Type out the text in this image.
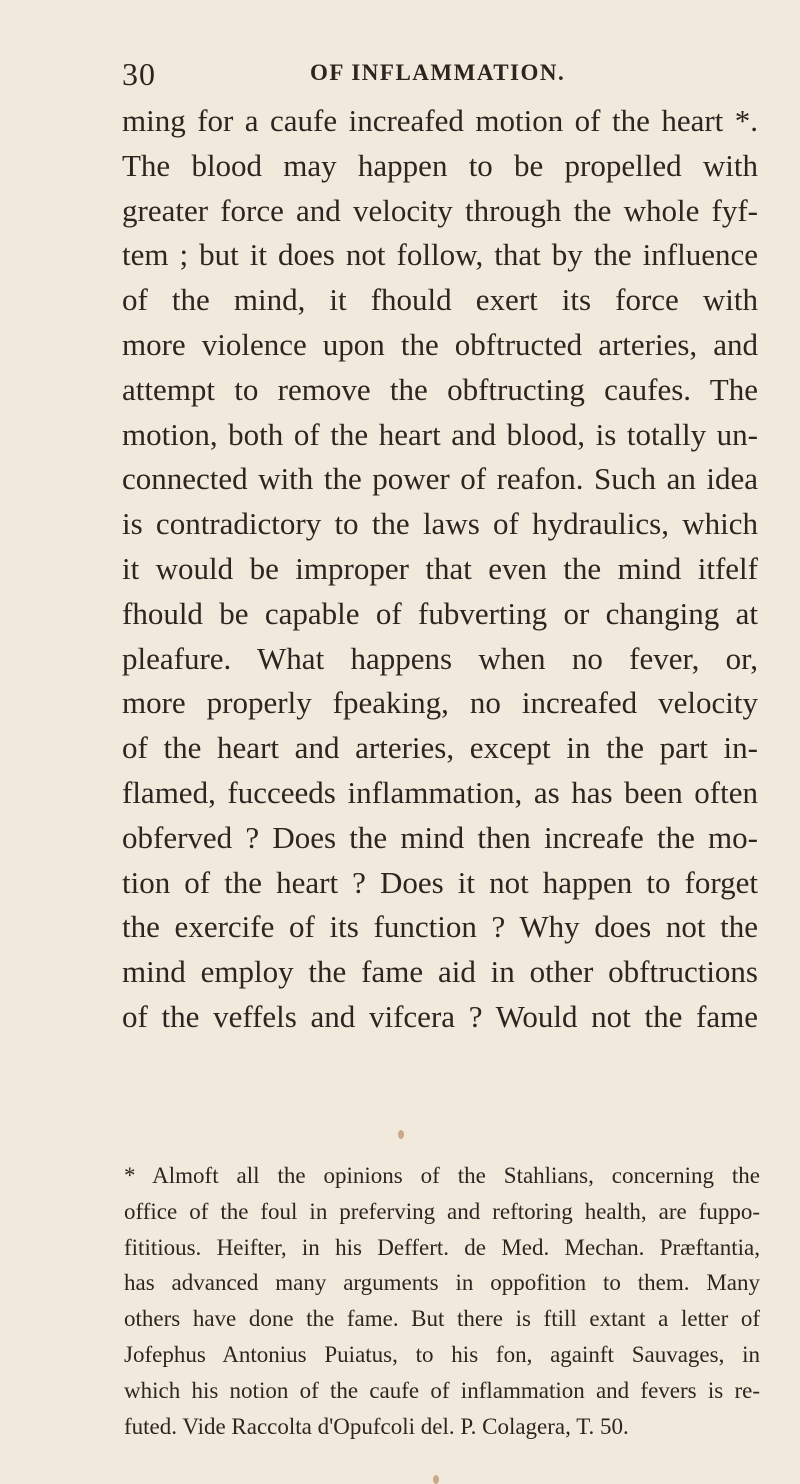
30	OF INFLAMMATION.
ming for a caufe increafed motion of the heart *.
The blood may happen to be propelled with
greater force and velocity through the whole fyf-
tem ; but it does not follow, that by the influence
of the mind, it fhould exert its force with
more violence upon the obftructed arteries, and
attempt to remove the obftructing caufes. The
motion, both of the heart and blood, is totally un-
connected with the power of reafon. Such an idea
is contradictory to the laws of hydraulics, which
it would be improper that even the mind itfelf
fhould be capable of fubverting or changing at
pleafure. What happens when no fever, or,
more properly fpeaking, no increafed velocity
of the heart and arteries, except in the part in-
flamed, fucceeds inflammation, as has been often
obferved ? Does the mind then increafe the mo-
tion of the heart ? Does it not happen to forget
the exercife of its function ? Why does not the
mind employ the fame aid in other obftructions
of the veffels and vifcera ? Would not the fame
* Almoft all the opinions of the Stahlians, concerning the
office of the foul in preferving and reftoring health, are fuppo-
fititious. Heifter, in his Deffert. de Med. Mechan. Præftantia,
has advanced many arguments in oppofition to them. Many
others have done the fame. But there is ftill extant a letter of
Jofephus Antonius Puiatus, to his fon, againft Sauvages, in
which his notion of the caufe of inflammation and fevers is re-
futed. Vide Raccolta d'Opufcoli del. P. Colagera, T. 50.
